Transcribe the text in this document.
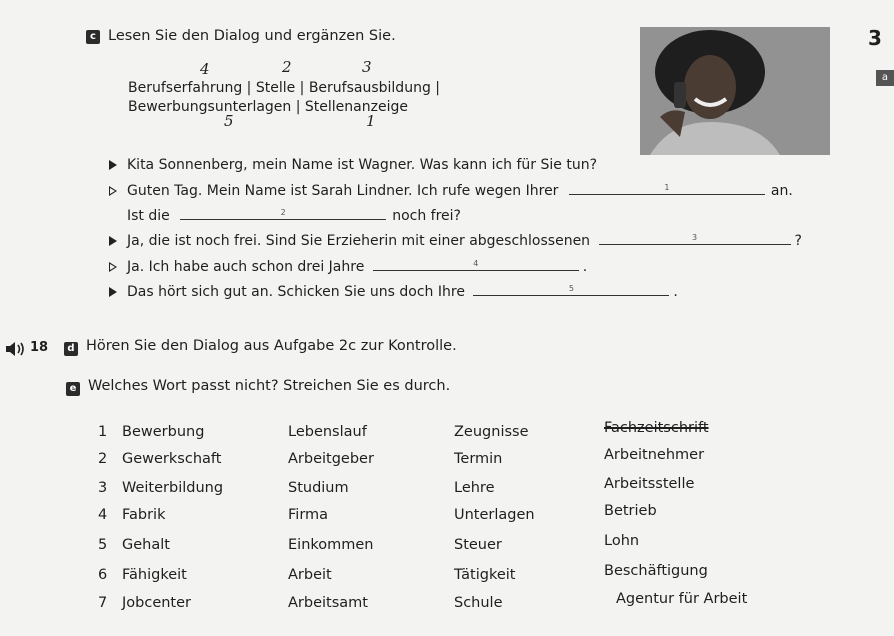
3
a
c Lesen Sie den Dialog und ergänzen Sie.
Berufserfahrung | Stelle | Berufsausbildung |
Bewerbungsunterlagen | Stellenanzeige
4	2	3
5	1
Kita Sonnenberg, mein Name ist Wagner. Was kann ich für Sie tun?
Guten Tag. Mein Name ist Sarah Lindner. Ich rufe wegen Ihrer	1	an.
Ist die	2	noch frei?
Ja, die ist noch frei. Sind Sie Erzieherin mit einer abgeschlossenen	3	?
Ja. Ich habe auch schon drei Jahre	4	.
Das hört sich gut an. Schicken Sie uns doch Ihre	5	.
18	d Hören Sie den Dialog aus Aufgabe 2c zur Kontrolle.
e Welches Wort passt nicht? Streichen Sie es durch.
1 Bewerbung	Lebenslauf	Zeugnisse	Fachzeitschrift
2 Gewerkschaft	Arbeitgeber	Termin	Arbeitnehmer
3 Weiterbildung	Studium	Lehre	Arbeitsstelle
4 Fabrik	Firma	Unterlagen	Betrieb
5 Gehalt	Einkommen	Steuer	Lohn
6 Fähigkeit	Arbeit	Tätigkeit	Beschäftigung
7 Jobcenter	Arbeitsamt	Schule	Agentur für Arbeit
